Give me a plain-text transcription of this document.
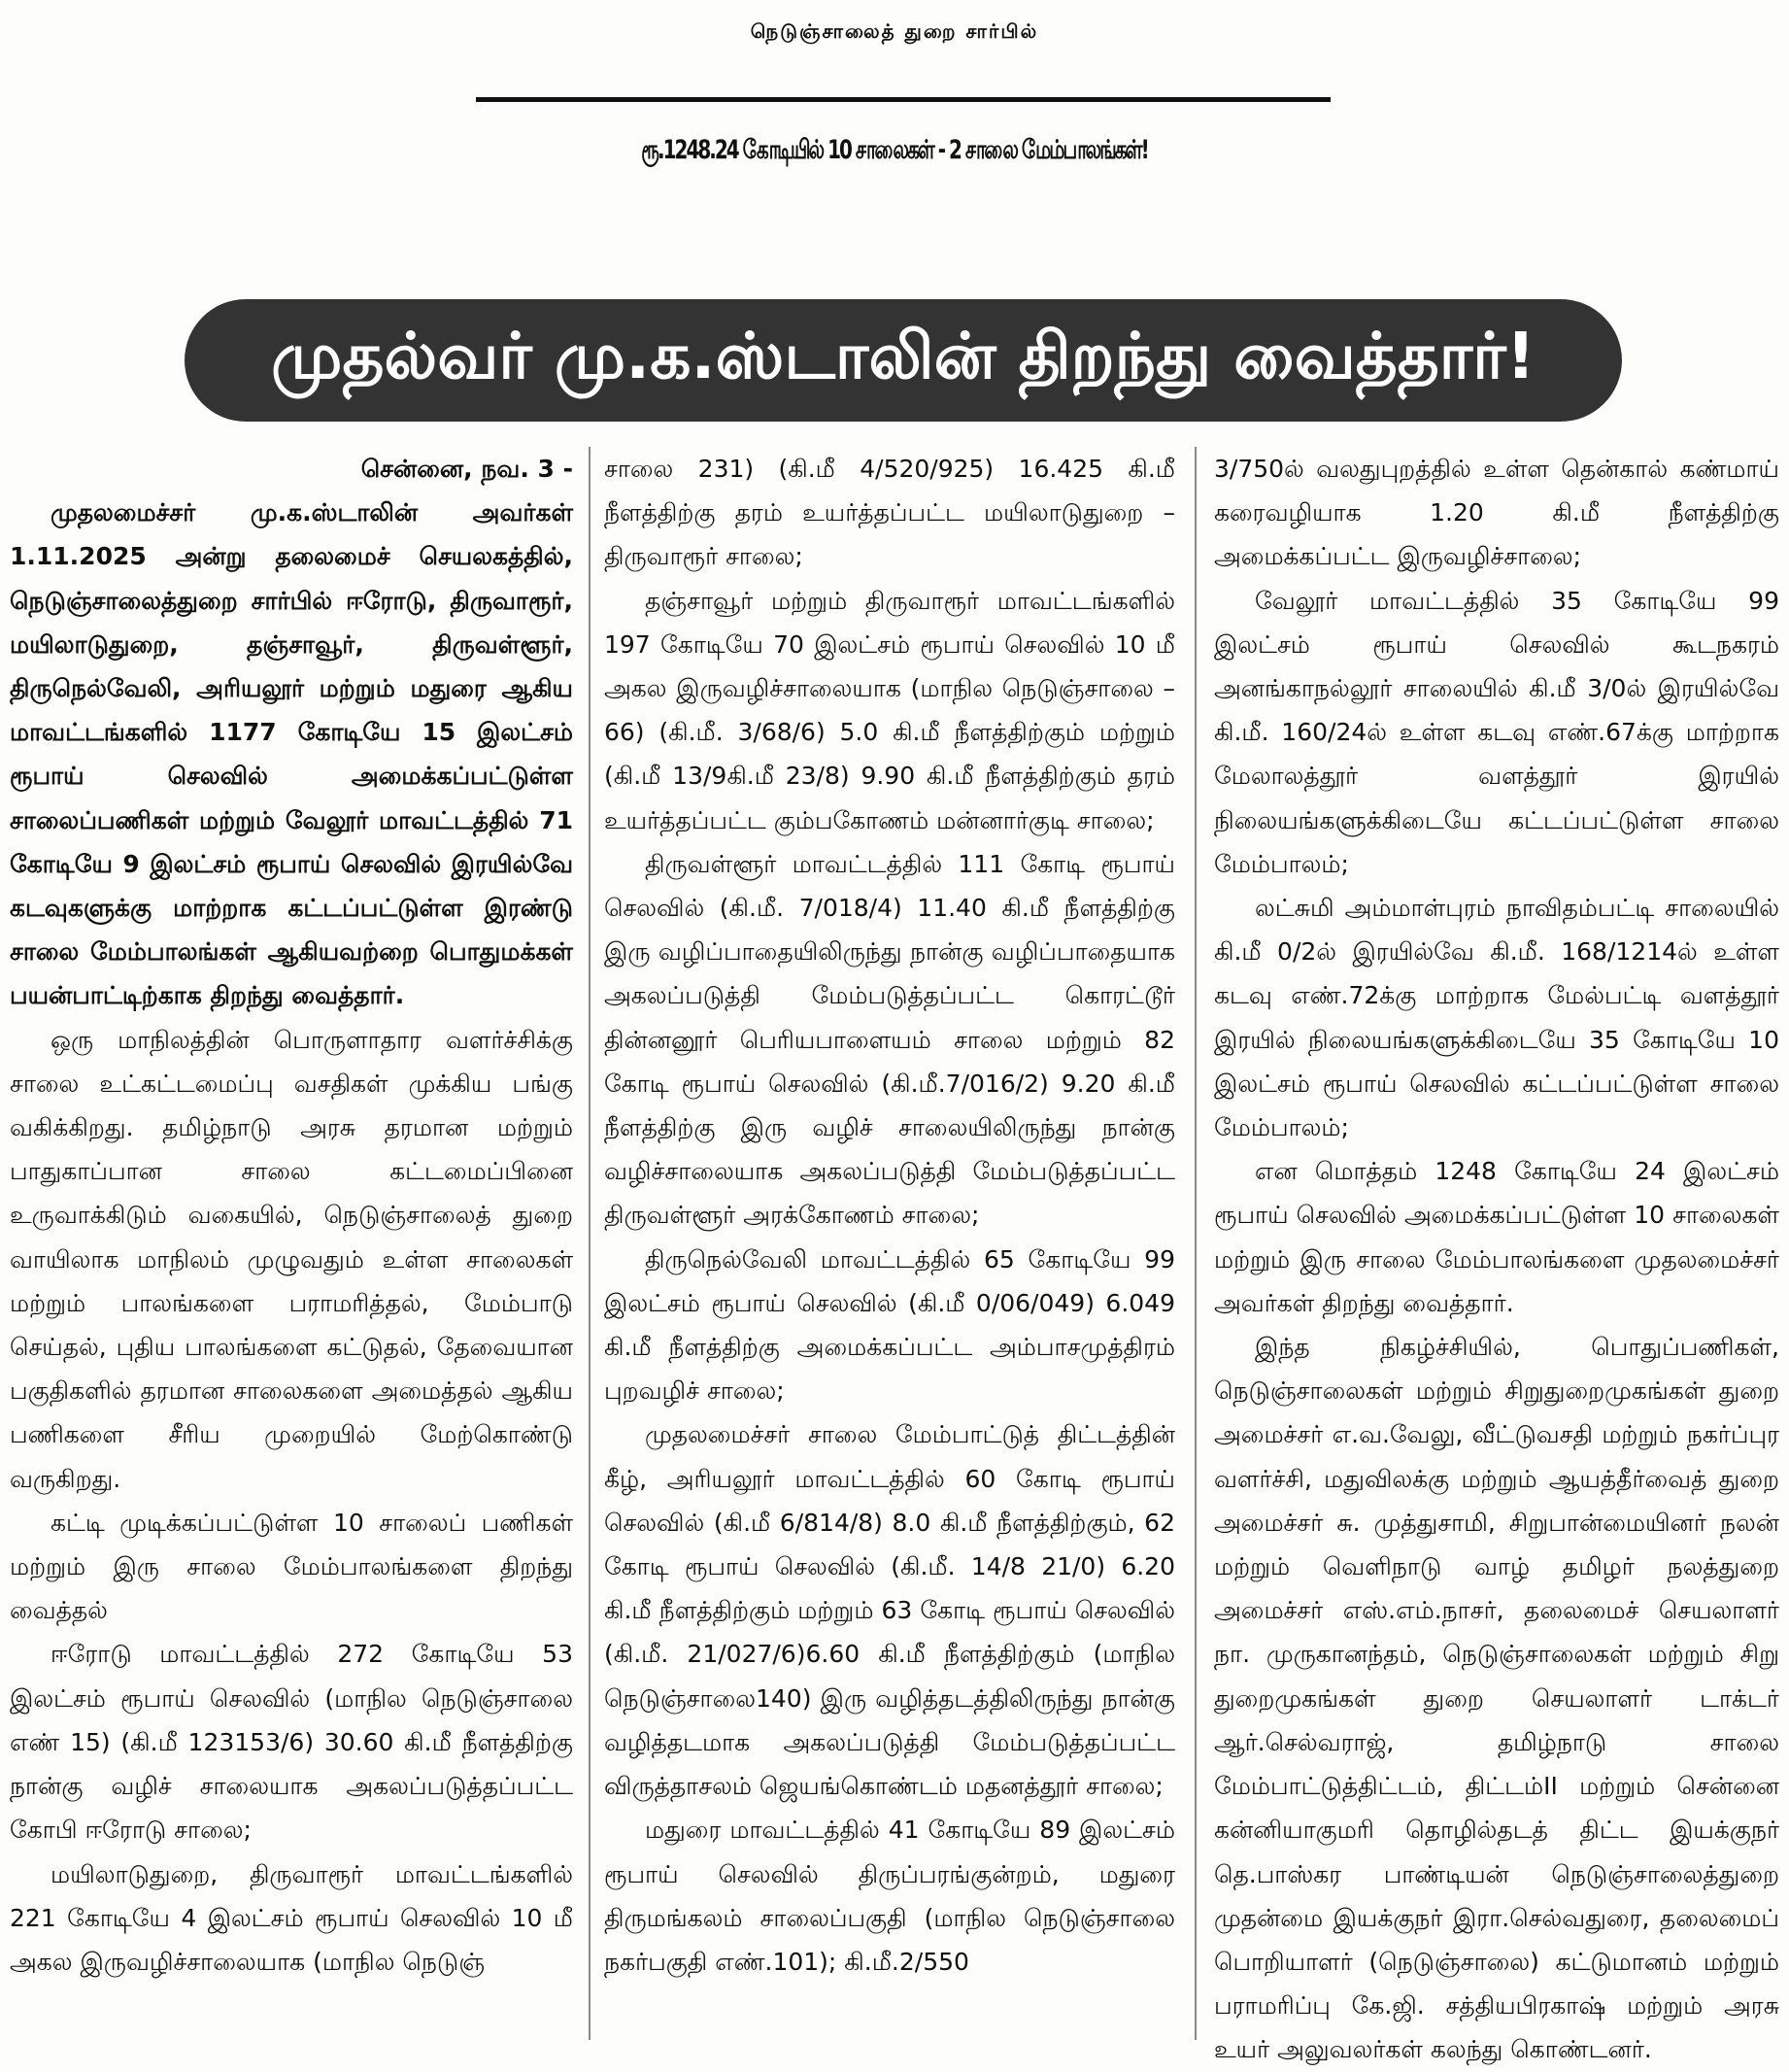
நெடுஞ்சாலைத் துறை சார்பில்
ரூ.1248.24 கோடியில் 10 சாலைகள் - 2 சாலை மேம்பாலங்கள்!
முதல்வர் மு.க.ஸ்டாலின் திறந்து வைத்தார்!

சென்னை, நவ. 3 -

முதலமைச்சர் மு.க.ஸ்டாலின் அவர்கள் 1.11.2025 அன்று தலைமைச் செயலகத்தில், நெடுஞ்சாலைத்துறை சார்பில் ஈரோடு, திருவாரூர், மயிலாடுதுறை, தஞ்சாவூர், திருவள்ளூர், திருநெல்வேலி, அரியலூர் மற்றும் மதுரை ஆகிய மாவட்டங்களில் 1177 கோடியே 15 இலட்சம் ரூபாய் செலவில் அமைக்கப்பட்டுள்ள சாலைப்பணிகள் மற்றும் வேலூர் மாவட்டத்தில் 71 கோடியே 9 இலட்சம் ரூபாய் செலவில் இரயில்வே கடவுகளுக்கு மாற்றாக கட்டப்பட்டுள்ள இரண்டு சாலை மேம்பாலங்கள் ஆகியவற்றை பொதுமக்கள் பயன்பாட்டிற்காக திறந்து வைத்தார்.

ஒரு மாநிலத்தின் பொருளாதார வளர்ச்சிக்கு சாலை உட்கட்டமைப்பு வசதிகள் முக்கிய பங்கு வகிக்கிறது. தமிழ்நாடு அரசு தரமான மற்றும் பாதுகாப்பான சாலை கட்டமைப்பினை உருவாக்கிடும் வகையில், நெடுஞ்சாலைத் துறை வாயிலாக மாநிலம் முழுவதும் உள்ள சாலைகள் மற்றும் பாலங்களை பராமரித்தல், மேம்பாடு செய்தல், புதிய பாலங்களை கட்டுதல், தேவையான பகுதிகளில் தரமான சாலைகளை அமைத்தல் ஆகிய பணிகளை சீரிய முறையில் மேற்கொண்டு வருகிறது.

கட்டி முடிக்கப்பட்டுள்ள 10 சாலைப் பணிகள் மற்றும் இரு சாலை மேம்பாலங்களை திறந்து வைத்தல்

ஈரோடு மாவட்டத்தில் 272 கோடியே 53 இலட்சம் ரூபாய் செலவில் (மாநில நெடுஞ்சாலை எண் 15) (கி.மீ 123153/6) 30.60 கி.மீ நீளத்திற்கு நான்கு வழிச் சாலையாக அகலப்படுத்தப்பட்ட கோபி ஈரோடு சாலை;

மயிலாடுதுறை, திருவாரூர் மாவட்டங்களில் 221 கோடியே 4 இலட்சம் ரூபாய் செலவில் 10 மீ அகல இருவழிச்சாலையாக (மாநில நெடுஞ்

சாலை 231) (கி.மீ 4/520/925) 16.425 கி.மீ நீளத்திற்கு தரம் உயர்த்தப்பட்ட மயிலாடுதுறை – திருவாரூர் சாலை;

தஞ்சாவூர் மற்றும் திருவாரூர் மாவட்டங்களில் 197 கோடியே 70 இலட்சம் ரூபாய் செலவில் 10 மீ அகல இருவழிச்சாலையாக (மாநில நெடுஞ்சாலை –66) (கி.மீ. 3/68/6) 5.0 கி.மீ நீளத்திற்கும் மற்றும் (கி.மீ 13/9கி.மீ 23/8) 9.90 கி.மீ நீளத்திற்கும் தரம் உயர்த்தப்பட்ட கும்பகோணம் மன்னார்குடி சாலை;

திருவள்ளூர் மாவட்டத்தில் 111 கோடி ரூபாய் செலவில் (கி.மீ. 7/018/4) 11.40 கி.மீ நீளத்திற்கு இரு வழிப்பாதையிலிருந்து நான்கு வழிப்பாதையாக அகலப்படுத்தி மேம்படுத்தப்பட்ட கொரட்டூர் தின்னனூர் பெரியபாளையம் சாலை மற்றும் 82 கோடி ரூபாய் செலவில் (கி.மீ.7/016/2) 9.20 கி.மீ நீளத்திற்கு இரு வழிச் சாலையிலிருந்து நான்கு வழிச்சாலையாக அகலப்படுத்தி மேம்படுத்தப்பட்ட திருவள்ளூர் அரக்கோணம் சாலை;

திருநெல்வேலி மாவட்டத்தில் 65 கோடியே 99 இலட்சம் ரூபாய் செலவில் (கி.மீ 0/06/049) 6.049 கி.மீ நீளத்திற்கு அமைக்கப்பட்ட அம்பாசமுத்திரம் புறவழிச் சாலை;

முதலமைச்சர் சாலை மேம்பாட்டுத் திட்டத்தின் கீழ், அரியலூர் மாவட்டத்தில் 60 கோடி ரூபாய் செலவில் (கி.மீ 6/814/8) 8.0 கி.மீ நீளத்திற்கும், 62 கோடி ரூபாய் செலவில் (கி.மீ. 14/8 21/0) 6.20 கி.மீ நீளத்திற்கும் மற்றும் 63 கோடி ரூபாய் செலவில் (கி.மீ. 21/027/6)6.60 கி.மீ நீளத்திற்கும் (மாநில நெடுஞ்சாலை140) இரு வழித்தடத்திலிருந்து நான்கு வழித்தடமாக அகலப்படுத்தி மேம்படுத்தப்பட்ட விருத்தாசலம் ஜெயங்கொண்டம் மதனத்தூர் சாலை;

மதுரை மாவட்டத்தில் 41 கோடியே 89 இலட்சம் ரூபாய் செலவில் திருப்பரங்குன்றம், மதுரை திருமங்கலம் சாலைப்பகுதி (மாநில நெடுஞ்சாலை நகர்பகுதி எண்.101); கி.மீ.2/550

3/750ல் வலதுபுறத்தில் உள்ள தென்கால் கண்மாய் கரைவழியாக 1.20 கி.மீ நீளத்திற்கு அமைக்கப்பட்ட இருவழிச்சாலை;

வேலூர் மாவட்டத்தில் 35 கோடியே 99 இலட்சம் ரூபாய் செலவில் கூடநகரம் அனங்காநல்லூர் சாலையில் கி.மீ 3/0ல் இரயில்வே கி.மீ. 160/24ல் உள்ள கடவு எண்.67க்கு மாற்றாக மேலாலத்தூர் வளத்தூர் இரயில் நிலையங்களுக்கிடையே கட்டப்பட்டுள்ள சாலை மேம்பாலம்;

லட்சுமி அம்மாள்புரம் நாவிதம்பட்டி சாலையில் கி.மீ 0/2ல் இரயில்வே கி.மீ. 168/1214ல் உள்ள கடவு எண்.72க்கு மாற்றாக மேல்பட்டி வளத்தூர் இரயில் நிலையங்களுக்கிடையே 35 கோடியே 10 இலட்சம் ரூபாய் செலவில் கட்டப்பட்டுள்ள சாலை மேம்பாலம்;

என மொத்தம் 1248 கோடியே 24 இலட்சம் ரூபாய் செலவில் அமைக்கப்பட்டுள்ள 10 சாலைகள் மற்றும் இரு சாலை மேம்பாலங்களை முதலமைச்சர் அவர்கள் திறந்து வைத்தார்.

இந்த நிகழ்ச்சியில், பொதுப்பணிகள், நெடுஞ்சாலைகள் மற்றும் சிறுதுறைமுகங்கள் துறை அமைச்சர் எ.வ.வேலு, வீட்டுவசதி மற்றும் நகர்ப்புர வளர்ச்சி, மதுவிலக்கு மற்றும் ஆயத்தீர்வைத் துறை அமைச்சர் சு. முத்துசாமி, சிறுபான்மையினர் நலன் மற்றும் வெளிநாடு வாழ் தமிழர் நலத்துறை அமைச்சர் எஸ்.எம்.நாசர், தலைமைச் செயலாளர் நா. முருகானந்தம், நெடுஞ்சாலைகள் மற்றும் சிறு துறைமுகங்கள் துறை செயலாளர் டாக்டர் ஆர்.செல்வராஜ், தமிழ்நாடு சாலை மேம்பாட்டுத்திட்டம், திட்டம்II மற்றும் சென்னை கன்னியாகுமரி தொழில்தடத் திட்ட இயக்குநர் தெ.பாஸ்கர பாண்டியன் நெடுஞ்சாலைத்துறை முதன்மை இயக்குநர் இரா.செல்வதுரை, தலைமைப் பொறியாளர் (நெடுஞ்சாலை) கட்டுமானம் மற்றும் பராமரிப்பு கே.ஜி. சத்தியபிரகாஷ் மற்றும் அரசு உயர் அலுவலர்கள் கலந்து கொண்டனர்.
